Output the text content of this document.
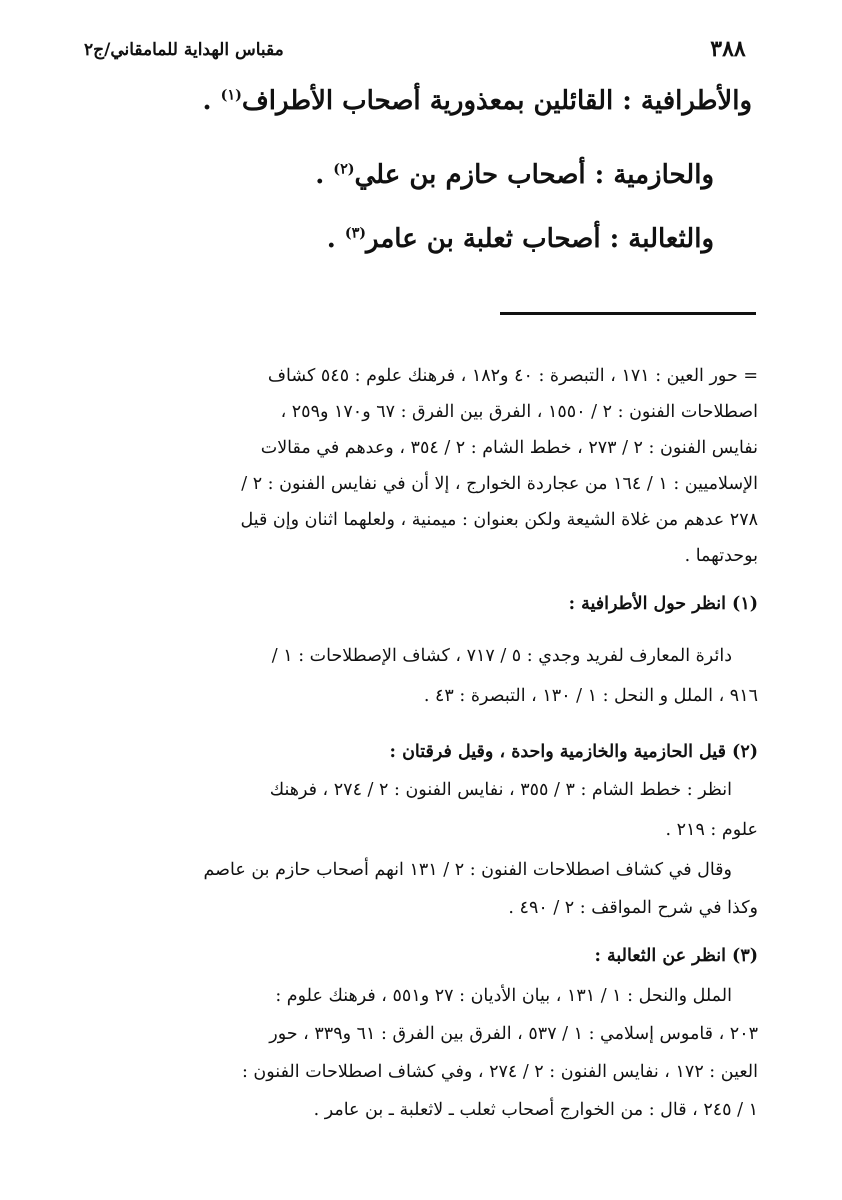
٣٨٨
مقباس الهداية للمامقاني/ج٢
والأطرافية : القائلين بمعذورية أصحاب الأطراف$^{(١)}$ .
والحازمية : أصحاب حازم بن علي$^{(٢)}$ .
والثعالبة : أصحاب ثعلبة بن عامر$^{(٣)}$ .
= حور العين : ١٧١ ، التبصرة : ٤٠ و١٨٢ ، فرهنك علوم : ٥٤٥ كشاف
اصطلاحات الفنون : ٢ / ١٥٥٠ ، الفرق بين الفرق : ٦٧ و١٧٠ و٢٥٩ ،
نفايس الفنون : ٢ / ٢٧٣ ، خطط الشام : ٢ / ٣٥٤ ، وعدهم في مقالات
الإسلاميين : ١ / ١٦٤ من عجاردة الخوارج ، إلا أن في نفايس الفنون : ٢ /
٢٧٨ عدهم من غلاة الشيعة ولكن بعنوان : ميمنية ، ولعلهما اثنان وإن قيل
بوحدتهما .
(١) انظر حول الأطرافية :
دائرة المعارف لفريد وجدي : ٥ / ٧١٧ ، كشاف الإصطلاحات : ١ /
٩١٦ ، الملل و النحل : ١ / ١٣٠ ، التبصرة : ٤٣ .
(٢) قيل الحازمية والخازمية واحدة ، وقيل فرقتان :
انظر : خطط الشام : ٣ / ٣٥٥ ، نفايس الفنون : ٢ / ٢٧٤ ، فرهنك
علوم : ٢١٩ .
وقال في كشاف اصطلاحات الفنون : ٢ / ١٣١ انهم أصحاب حازم بن عاصم
وكذا في شرح المواقف : ٢ / ٤٩٠ .
(٣) انظر عن الثعالبة :
الملل والنحل : ١ / ١٣١ ، بيان الأديان : ٢٧ و٥٥١ ، فرهنك علوم :
٢٠٣ ، قاموس إسلامي : ١ / ٥٣٧ ، الفرق بين الفرق : ٦١ و٣٣٩ ، حور
العين : ١٧٢ ، نفايس الفنون : ٢ / ٢٧٤ ، وفي كشاف اصطلاحات الفنون :
١ / ٢٤٥ ، قال : من الخوارج أصحاب ثعلب ـ لاثعلبة ـ بن عامر .
